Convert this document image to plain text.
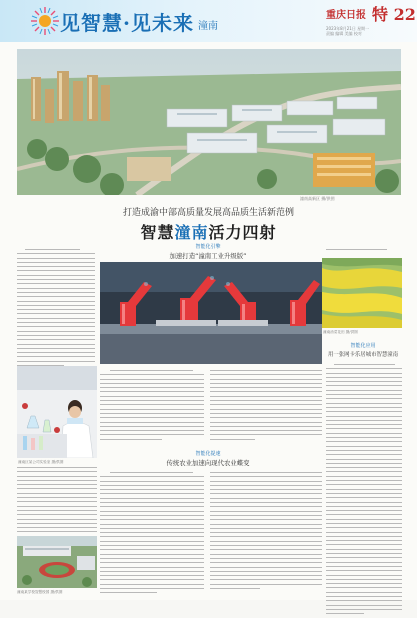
见智慧·见未来 潼南
重庆日报 特 22
2023年8月21日 星期一
责编 编辑 美编 校对
潼南高新区 摄/供图
打造成渝中部高质量发展高品质生活新范例
智慧潼南活力四射
潼南区某公司实验室 摄/供图
智能化引擎
加速打造“潼南工业升级版”
智能化提速
传统农业加速向现代农业蝶变
潼南油菜花田 摄/供图
智能化应用
用一张网卡乐居城市智慧潼南
潼南某学校智慧校园 摄/供图
